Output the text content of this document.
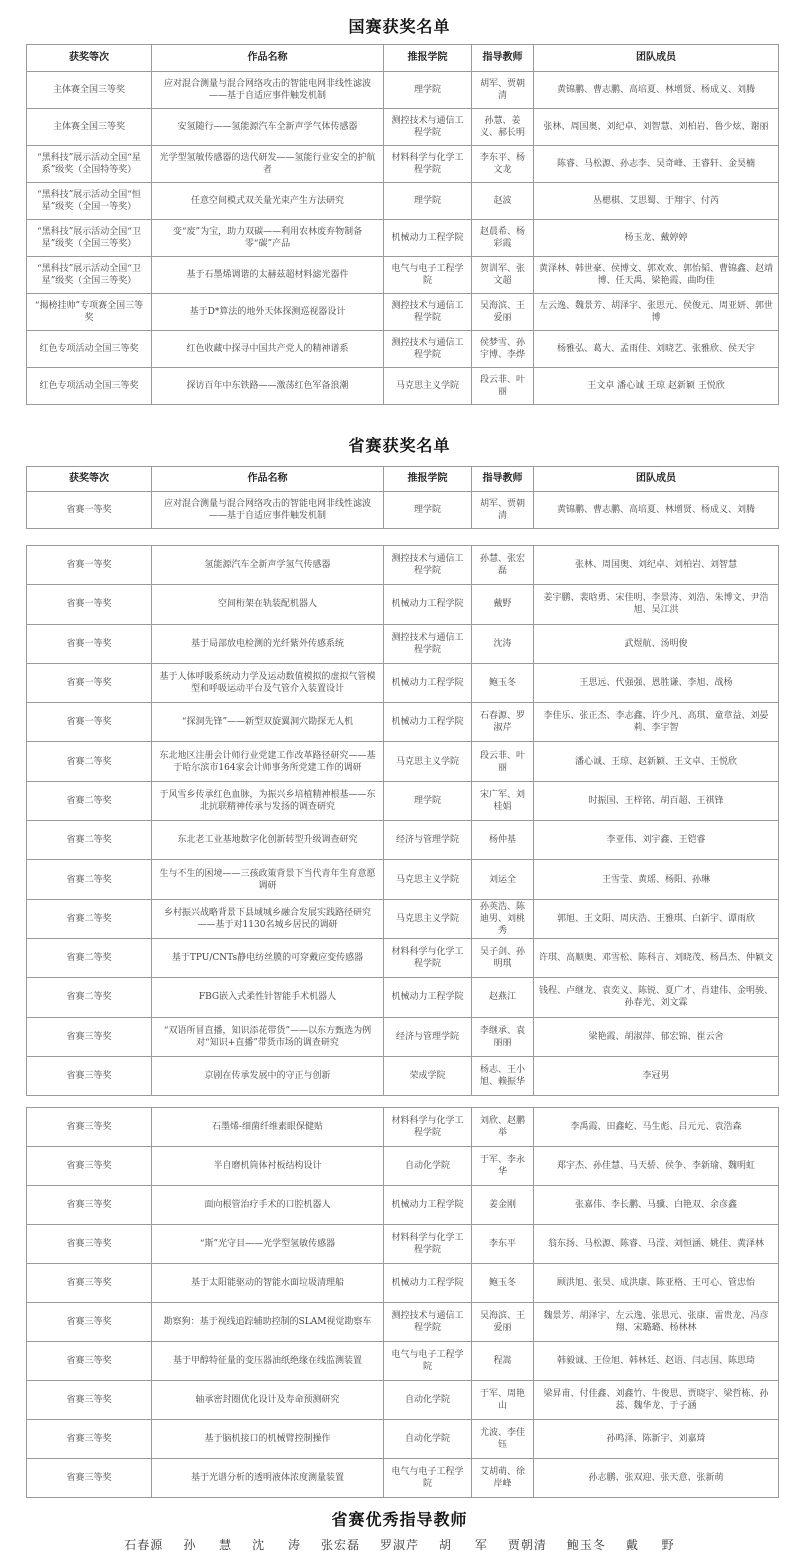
国赛获奖名单
获奖等次	作品名称	推报学院	指导教师	团队成员
主体赛全国三等奖	应对混合测量与混合网络攻击的智能电网非线性滤波——基于自适应事件触发机制	理学院	胡军、贾朝清	黄锦鹏、曹志鹏、高培夏、林增贤、杨成义、刘腾
主体赛全国三等奖	安氢随行——氢能源汽车全新声学气体传感器	测控技术与通信工程学院	孙慧、姜义、郝长明	张林、周国奥、刘纪卓、刘智慧、刘柏岩、鲁少炫、谢丽
“黑科技”展示活动全国“星系”级奖（全国特等奖）	光学型氢敏传感器的迭代研发——氢能行业安全的护航者	材料科学与化学工程学院	李东平、杨文龙	陈睿、马松源、孙志李、吴奇峰、王睿轩、金昊楠
“黑科技”展示活动全国“恒星”级奖（全国一等奖）	任意空间模式双关量光束产生方法研究	理学院	赵波	丛楒棋、艾思蜀、于翔宇、付芮
“黑科技”展示活动全国“卫星”级奖（全国三等奖）	变“废”为宝，助力双碳——利用农林废弃物制备零“碳”产品	机械动力工程学院	赵晨希、杨彩霞	杨玉龙、戴婷婷
“黑科技”展示活动全国“卫星”级奖（全国三等奖）	基于石墨烯调谐的太赫兹超材料滤光器件	电气与电子工程学院	贺训军、张文超	黄泽林、韩世豪、侯博文、郭欢欢、郭怡韬、曹锦鑫、赵靖博、任天禹、梁艳霞、曲昀佳
“揭榜挂帅”专项赛全国三等奖	基于D*算法的地外天体探测巡视器设计	测控技术与通信工程学院	吴海滨、王爱丽	左云逸、魏景芳、胡泽宇、张思元、侯俊元、周亚妍、郭世博
红色专项活动全国三等奖	红色收藏中探寻中国共产党人的精神谱系	测控技术与通信工程学院	侯梦雪、孙宇博、李烨	杨雅弘、葛大、孟雨佳、刘晓艺、张雅欣、侯天宇
红色专项活动全国三等奖	探访百年中东铁路——激荡红色军备浪潮	马克思主义学院	段云菲、叶丽	王文卓 潘心诚 王琼 赵新颖 王悦欣
省赛获奖名单
获奖等次	作品名称	推报学院	指导教师	团队成员
省赛一等奖	应对混合测量与混合网络攻击的智能电网非线性滤波——基于自适应事件触发机制	理学院	胡军、贾朝清	黄锦鹏、曹志鹏、高培夏、林增贤、杨成义、刘腾
省赛一等奖	氢能源汽车全新声学氢气传感器	测控技术与通信工程学院	孙慧、张宏磊	张林、周国奥、刘纪卓、刘柏岩、刘智慧
省赛一等奖	空间桁架在轨装配机器人	机械动力工程学院	戴野	姜宇鹏、裴晗勇、宋佳明、李景涛、刘浩、朱博文、尹浩旭、吴江洪
省赛一等奖	基于局部放电检测的光纤紫外传感系统	测控技术与通信工程学院	沈涛	武煜航、汤明俊
省赛一等奖	基于人体呼吸系统动力学及运动数值模拟的虚拟气管模型和呼吸运动平台及气管介入装置设计	机械动力工程学院	鲍玉冬	王思远、代强强、恩胜谦、李旭、战杨
省赛一等奖	“探洞先锋”——新型双旋翼洞穴勘探无人机	机械动力工程学院	石春源、罗淑芹	李佳乐、张正杰、李志鑫、许少凡、高琪、童章益、刘晏莉、李宇智
省赛二等奖	东北地区注册会计师行业党建工作改革路径研究——基于哈尔滨市164家会计师事务所党建工作的调研	马克思主义学院	段云菲、叶丽	潘心诚、王琼、赵新颖、王文卓、王悦欣
省赛二等奖	于风雪乡传承红色血脉，为振兴乡培植精神根基——东北抗联精神传承与发扬的调查研究	理学院	宋广军、刘桂娟	时振国、王梓铭、胡百超、王祺锋
省赛二等奖	东北老工业基地数字化创新转型升级调查研究	经济与管理学院	杨仲基	李亚伟、刘宇鑫、王铠睿
省赛二等奖	生与不生的困境——三孩政策背景下当代青年生育意愿调研	马克思主义学院	刘运全	王雪莹、黄瑶、杨阳、孙琳
省赛二等奖	乡村振兴战略背景下县域城乡融合发展实践路径研究——基于对1130名城乡居民的调研	马克思主义学院	孙英浩、陈迪男、刘桃秀	郭旭、王文阳、周庆浩、王雅琪、白新宇、谭雨欣
省赛二等奖	基于TPU/CNTs静电纺丝膜的可穿戴应变传感器	材料科学与化学工程学院	吴子剑、孙明琪	许琪、高顺奥、邓雪松、陈科言、刘晓茂、杨昌杰、仲颖文
省赛二等奖	FBG嵌入式柔性针智能手术机器人	机械动力工程学院	赵燕江	钱程、卢继龙、袁奕义、陈锐、夏广才、肖建伟、金明骏、孙春光、刘文霖
省赛三等奖	“双语所冒直播，知识添花带货”——以东方甄选为例对“知识+直播”带货市场的调查研究	经济与管理学院	李继承、袁丽丽	梁艳霞、胡淑萍、郁宏锦、崔云舍
省赛三等奖	京剧在传承发展中的守正与创新	荣成学院	杨志、王小旭、赖振华	李冠男
省赛三等奖	石墨烯-细菌纤维素眼保健贴	材料科学与化学工程学院	刘欣、赵鹏举	李禹霞、田鑫屹、马生彪、吕元元、袁浩森
省赛三等奖	半自磨机筒体衬板结构设计	自动化学院	于军、李永华	郑宇杰、孙佳慧、马天骄、侯争、李新瑜、魏明虹
省赛三等奖	面向根管治疗手术的口腔机器人	机械动力工程学院	姜金刚	张嘉伟、李长鹏、马骥、白艳双、余彦鑫
省赛三等奖	“斯”光守目——光学型氢敏传感器	材料科学与化学工程学院	李东平	翁东扬、马松源、陈睿、马滢、刘恒涵、姚佳、黄泽林
省赛三等奖	基于太阳能驱动的智能水面垃圾清理船	机械动力工程学院	鲍玉冬	顾洪旭、张昊、成洪康、陈亚格、王可心、管忠怡
省赛三等奖	勘察狗：基于视线追踪辅助控制的SLAM视觉勘察车	测控技术与通信工程学院	吴海滨、王爱丽	魏景芳、胡泽宇、左云逸、张思元、张康、雷贵龙、冯彦翔、宋璐璐、杨林林
省赛三等奖	基于甲醇特征量的变压器油纸绝缘在线监测装置	电气与电子工程学院	程嵩	韩毅诚、王俭旭、韩林廷、赵语、闫志国、陈思琦
省赛三等奖	轴承密封圈优化设计及寿命预测研究	自动化学院	于军、周艳山	梁昇甫、付佳鑫、刘鑫竹、牛俊思、贾晓宇、梁哲栋、孙蕊、魏华龙、于子涵
省赛三等奖	基于脑机接口的机械臂控制操作	自动化学院	尤波、李佳钰	孙鸣泽、陈新宇、刘嘉琦
省赛三等奖	基于光谱分析的透明液体浓度测量装置	电气与电子工程学院	艾胡萌、徐岸峰	孙志鹏、张双迎、张天意、张新萌
省赛优秀指导教师
石春源 孙 慧 沈 涛 张宏磊 罗淑芹 胡 军 贾朝清 鲍玉冬 戴 野
